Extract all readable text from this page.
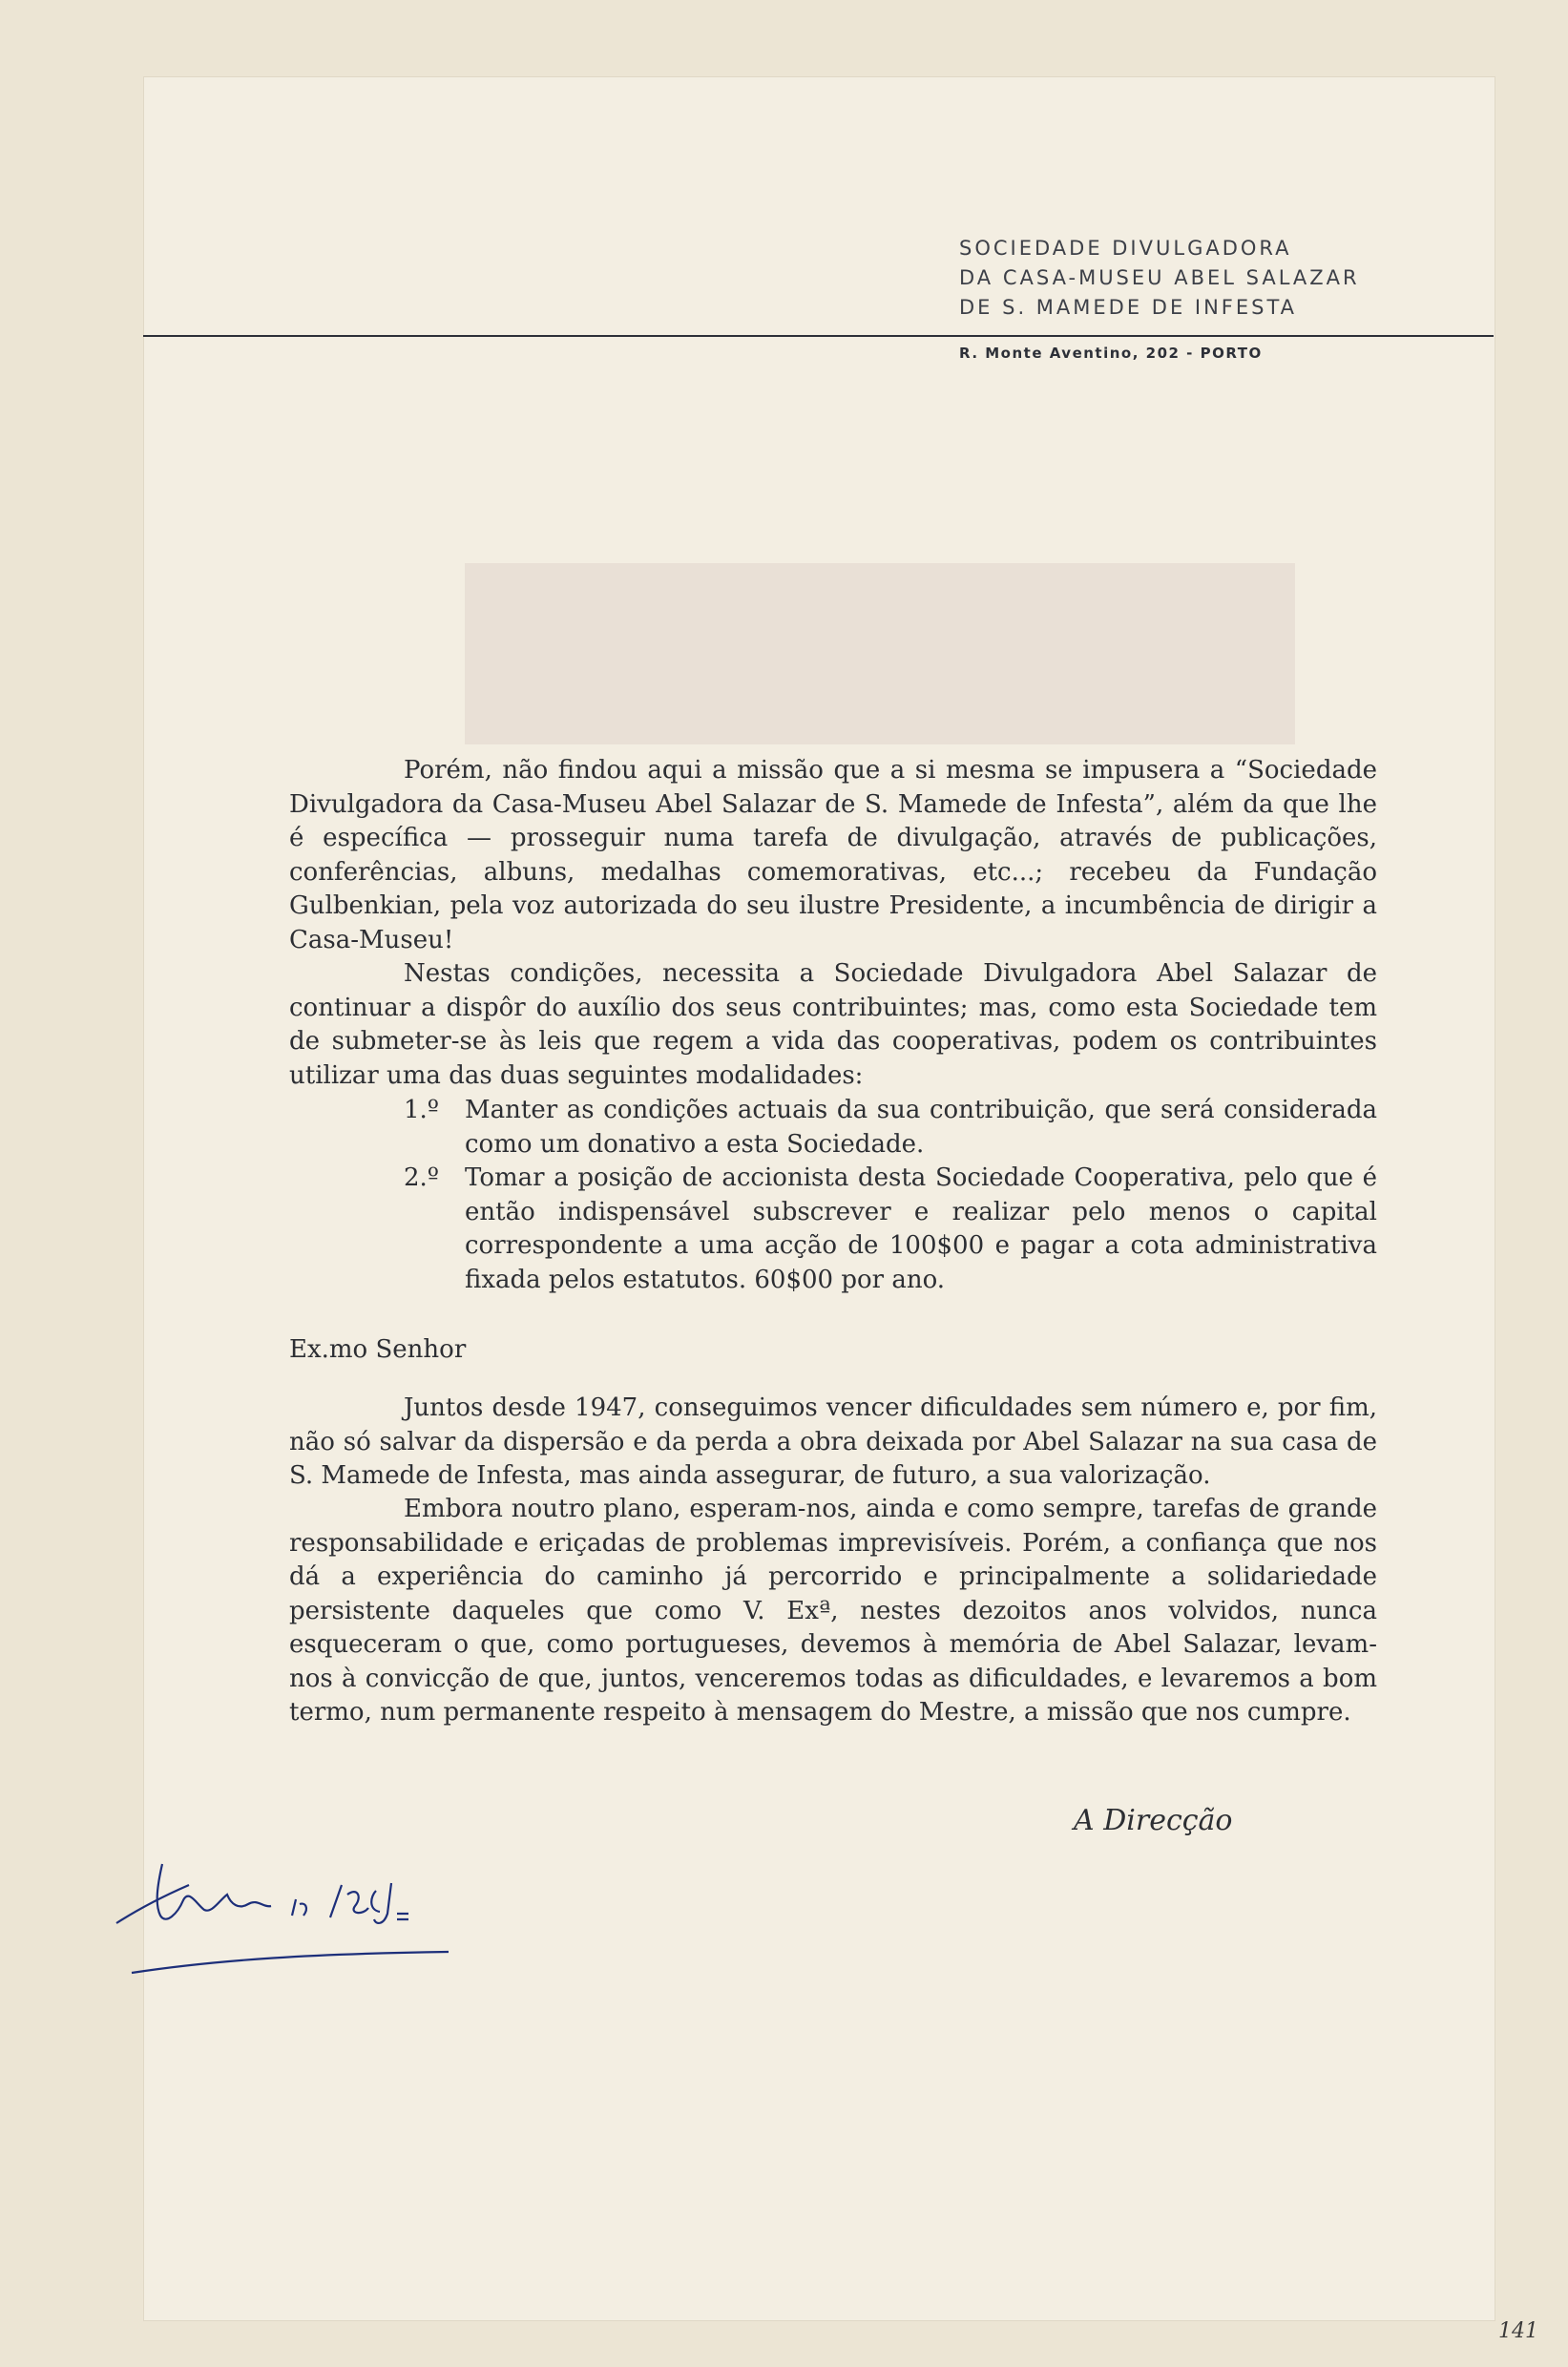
SOCIEDADE DIVULGADORA
DA CASA-MUSEU ABEL SALAZAR
DE S. MAMEDE DE INFESTA
R. Monte Aventino, 202 - PORTO
Porém, não findou aqui a missão que a si mesma se impusera a “Sociedade Divulgadora da Casa-Museu Abel Salazar de S. Mamede de Infesta”, além da que lhe é específica — prosseguir numa tarefa de divulgação, através de publicações, conferências, albuns, medalhas comemorativas, etc...; recebeu da Fundação Gulbenkian, pela voz autorizada do seu ilustre Presidente, a incumbência de dirigir a Casa-Museu!
Nestas condições, necessita a Sociedade Divulgadora Abel Salazar de continuar a dispôr do auxílio dos seus contribuintes; mas, como esta Sociedade tem de submeter-se às leis que regem a vida das cooperativas, podem os contribuintes utilizar uma das duas seguintes modalidades:
1.º Manter as condições actuais da sua contribuição, que será considerada como um donativo a esta Sociedade.
2.º Tomar a posição de accionista desta Sociedade Cooperativa, pelo que é então indispensável subscrever e realizar pelo menos o capital correspondente a uma acção de 100$00 e pagar a cota administrativa fixada pelos estatutos. 60$00 por ano.
Ex.mo Senhor
Juntos desde 1947, conseguimos vencer dificuldades sem número e, por fim, não só salvar da dispersão e da perda a obra deixada por Abel Salazar na sua casa de S. Mamede de Infesta, mas ainda assegurar, de futuro, a sua valorização.
Embora noutro plano, esperam-nos, ainda e como sempre, tarefas de grande responsabilidade e eriçadas de problemas imprevisíveis. Porém, a confiança que nos dá a experiência do caminho já percorrido e principalmente a solidariedade persistente daqueles que como V. Exª, nestes dezoitos anos volvidos, nunca esqueceram o que, como portugueses, devemos à memória de Abel Salazar, levam-nos à convicção de que, juntos, venceremos todas as dificuldades, e levaremos a bom termo, num permanente respeito à mensagem do Mestre, a missão que nos cumpre.
A Direcção
Setembro de 1965
141
